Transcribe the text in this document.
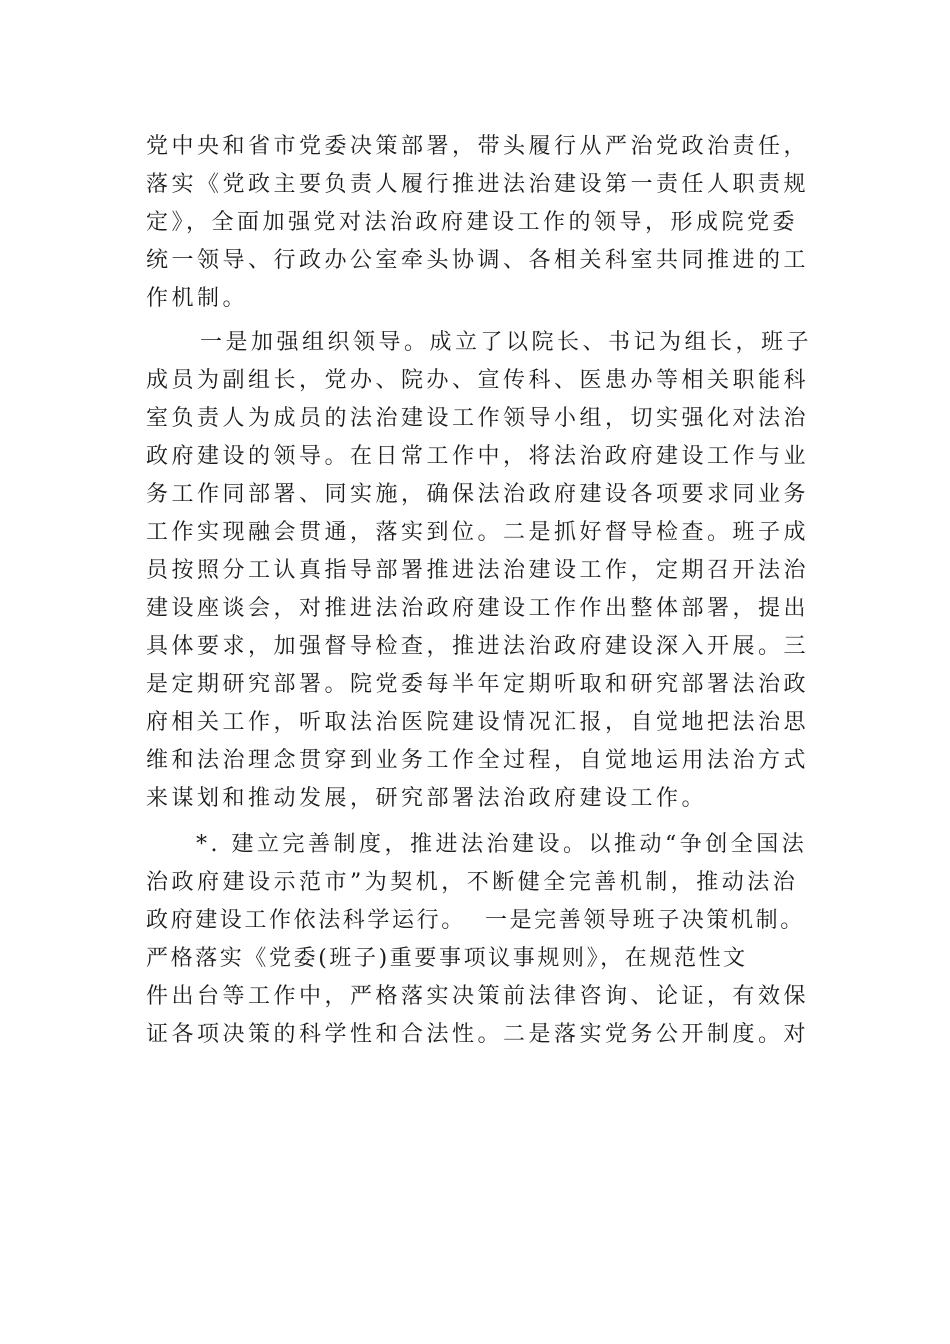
党中央和省市党委决策部署，带头履行从严治党政治责任，
落实《党政主要负责人履行推进法治建设第一责任人职责规
定》，全面加强党对法治政府建设工作的领导，形成院党委
统一领导、行政办公室牵头协调、各相关科室共同推进的工
作机制。
一是加强组织领导。成立了以院长、书记为组长，班子
成员为副组长，党办、院办、宣传科、医患办等相关职能科
室负责人为成员的法治建设工作领导小组，切实强化对法治
政府建设的领导。在日常工作中，将法治政府建设工作与业
务工作同部署、同实施，确保法治政府建设各项要求同业务
工作实现融会贯通，落实到位。二是抓好督导检查。班子成
员按照分工认真指导部署推进法治建设工作，定期召开法治
建设座谈会，对推进法治政府建设工作作出整体部署，提出
具体要求，加强督导检查，推进法治政府建设深入开展。三
是定期研究部署。院党委每半年定期听取和研究部署法治政
府相关工作，听取法治医院建设情况汇报，自觉地把法治思
维和法治理念贯穿到业务工作全过程，自觉地运用法治方式
来谋划和推动发展，研究部署法治政府建设工作。
*. 建立完善制度，推进法治建设。以推动“争创全国法
治政府建设示范市”为契机，不断健全完善机制，推动法治
政府建设工作依法科学运行。  一是完善领导班子决策机制。
严格落实《党委(班子)重要事项议事规则》，在规范性文
件出台等工作中，严格落实决策前法律咨询、论证，有效保
证各项决策的科学性和合法性。二是落实党务公开制度。对
